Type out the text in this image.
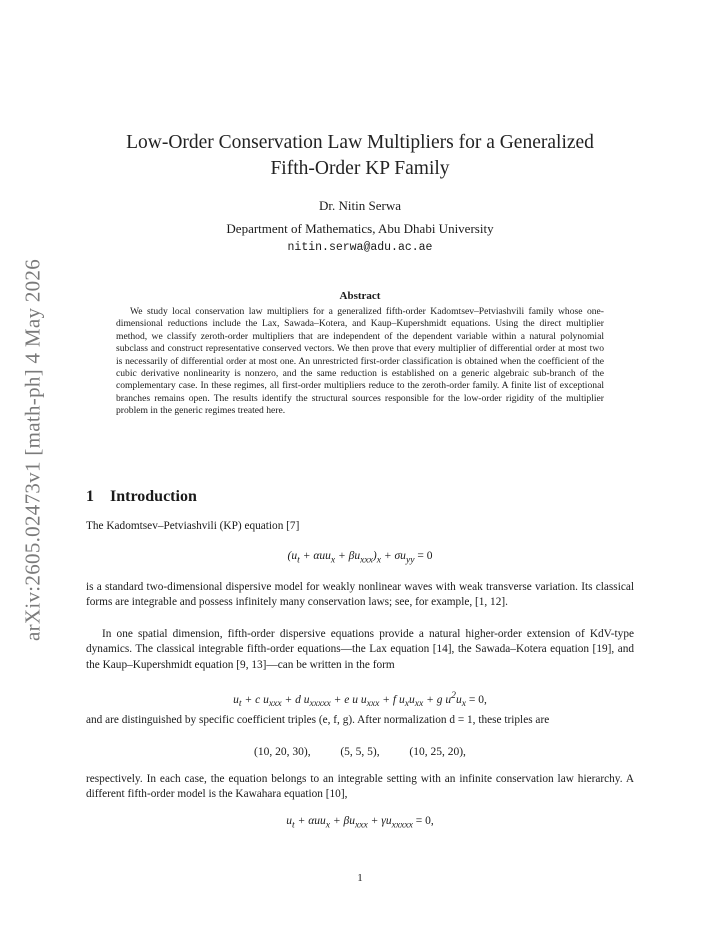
arXiv:2605.02473v1 [math-ph] 4 May 2026
Low-Order Conservation Law Multipliers for a Generalized
Fifth-Order KP Family
Dr. Nitin Serwa
Department of Mathematics, Abu Dhabi University
nitin.serwa@adu.ac.ae
Abstract

We study local conservation law multipliers for a generalized fifth-order Kadomtsev–Petviashvili family whose one-dimensional reductions include the Lax, Sawada–Kotera, and Kaup–Kupershmidt equations. Using the direct multiplier method, we classify zeroth-order multipliers that are independent of the dependent variable within a natural polynomial subclass and construct representative conserved vectors. We then prove that every multiplier of differential order at most two is necessarily of differential order at most one. An unrestricted first-order classification is obtained when the coefficient of the cubic derivative nonlinearity is nonzero, and the same reduction is established on a generic algebraic sub-branch of the complementary case. In these regimes, all first-order multipliers reduce to the zeroth-order family. A finite list of exceptional branches remains open. The results identify the structural sources responsible for the low-order rigidity of the multiplier problem in the generic regimes treated here.

1 Introduction

The Kadomtsev–Petviashvili (KP) equation [7]

$(u_t + \alpha uu_x + \beta u_{xxx})_x + \sigma u_{yy} = 0$

is a standard two-dimensional dispersive model for weakly nonlinear waves with weak transverse variation. Its classical forms are integrable and possess infinitely many conservation laws; see, for example, [1, 12].

In one spatial dimension, fifth-order dispersive equations provide a natural higher-order extension of KdV-type dynamics. The classical integrable fifth-order equations—the Lax equation [14], the Sawada–Kotera equation [19], and the Kaup–Kupershmidt equation [9, 13]—can be written in the form

$u_t + c$ $u_{xxx} + d$ $u_{xxxxx} + e$ u $u_{xxx} + f$ $u_xu_{xx} + g$ $u^2u_x = 0$,

and are distinguished by specific coefficient triples (e, f, g). After normalization d = 1, these triples are

(10, 20, 30),	(5, 5, 5),	(10, 25, 20),

respectively. In each case, the equation belongs to an integrable setting with an infinite conservation law hierarchy. A different fifth-order model is the Kawahara equation [10],

$u_t + \alpha uu_x + \beta u_{xxx} + \gamma u_{xxxxx} = 0$,
1
